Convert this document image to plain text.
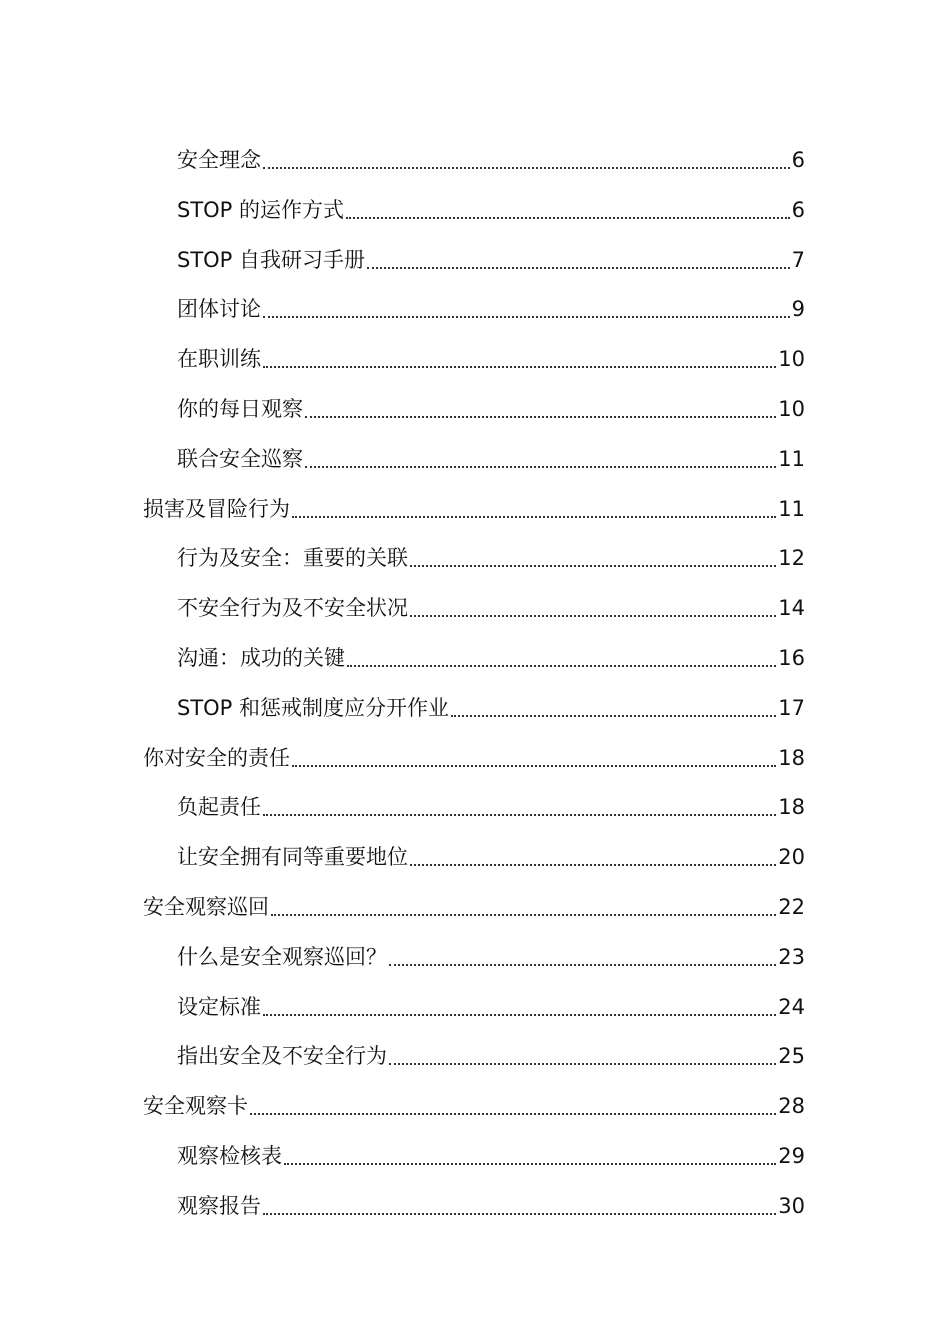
安全理念	6
STOP 的运作方式	6
STOP 自我研习手册	7
团体讨论	9
在职训练	10
你的每日观察	10
联合安全巡察	11
损害及冒险行为	11
行为及安全：重要的关联	12
不安全行为及不安全状况	14
沟通：成功的关键	16
STOP 和惩戒制度应分开作业	17
你对安全的责任	18
负起责任	18
让安全拥有同等重要地位	20
安全观察巡回	22
什么是安全观察巡回？	23
设定标准	24
指出安全及不安全行为	25
安全观察卡	28
观察检核表	29
观察报告	30
